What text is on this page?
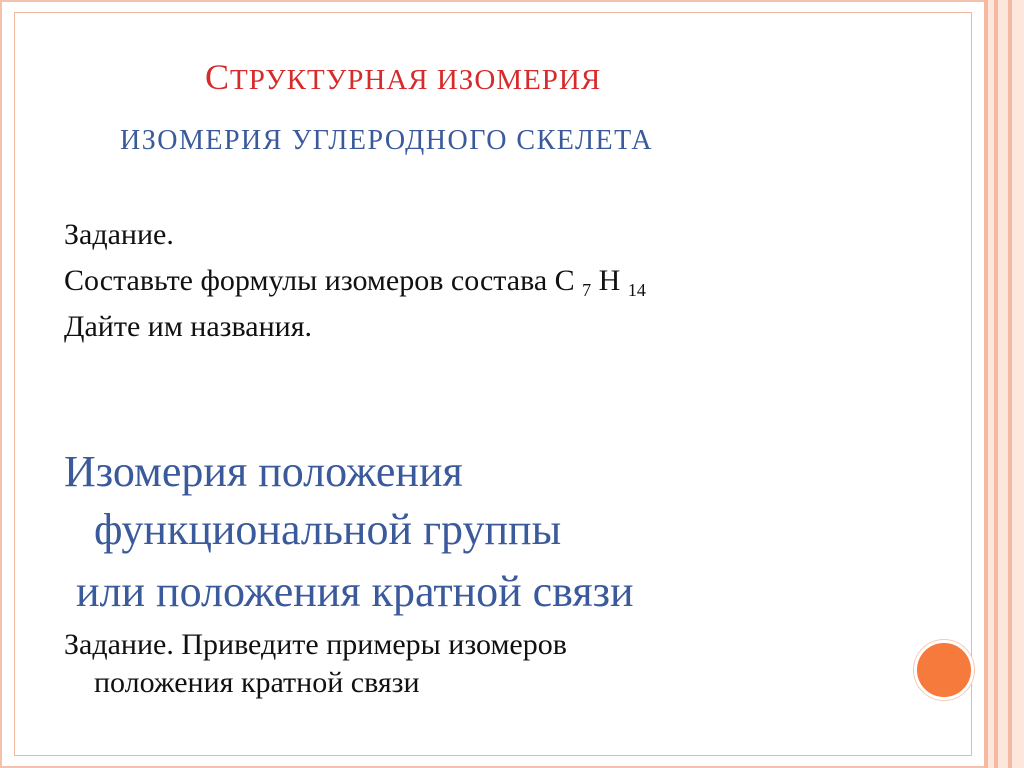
СТРУКТУРНАЯ ИЗОМЕРИЯ
ИЗОМЕРИЯ УГЛЕРОДНОГО СКЕЛЕТА
Задание.
Составьте формулы изомеров состава С $_7$ Н $_{14}$
Дайте им названия.
Изомерия положения
функциональной группы
или положения кратной связи
Задание. Приведите примеры изомеров
положения кратной связи
